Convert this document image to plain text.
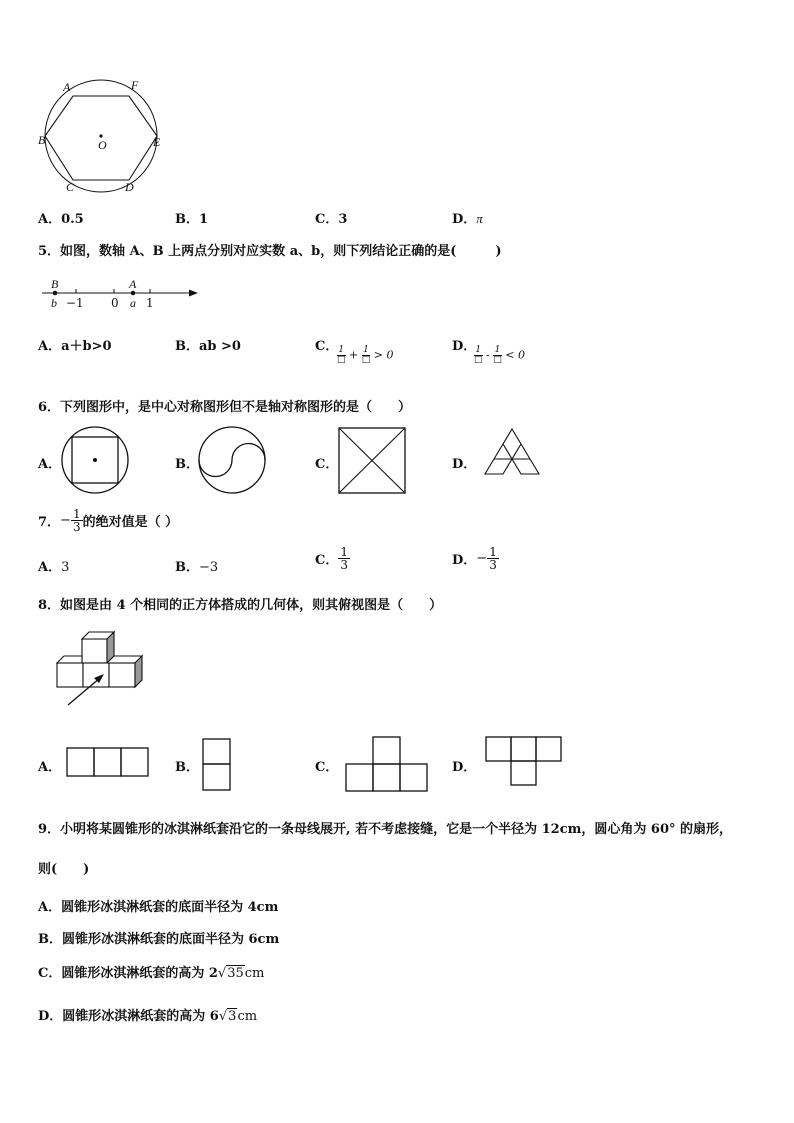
A	F
B	E
C	D
O
A．0.5	B．1	C．3	D．π
5．如图，数轴 A、B 上两点分别对应实数 a、b，则下列结论正确的是(　　　)
B	A
b −1 0 a 1
A．a＋b>0	B．ab >0	C．
$\frac{1}{□} + \frac{1}{□} > 0$
D．
$\frac{1}{□} - \frac{1}{□} < 0$
6．下列图形中，是中心对称图形但不是轴对称图形的是（　　）
A．	B．	C．	D．
7． − $\frac{1}{3}$ 的绝对值是（ ）
A．3	B．−3	C． $\frac{1}{3}$	D． − $\frac{1}{3}$
8．如图是由 4 个相同的正方体搭成的几何体，则其俯视图是（　　）
A．	B．	C．	D．
9．小明将某圆锥形的冰淇淋纸套沿它的一条母线展开, 若不考虑接缝，它是一个半径为 12cm，圆心角为 60° 的扇形，
则(　　)
A．圆锥形冰淇淋纸套的底面半径为 4cm
B．圆锥形冰淇淋纸套的底面半径为 6cm
C．圆锥形冰淇淋纸套的高为 2√35cm
D．圆锥形冰淇淋纸套的高为 6√3cm
